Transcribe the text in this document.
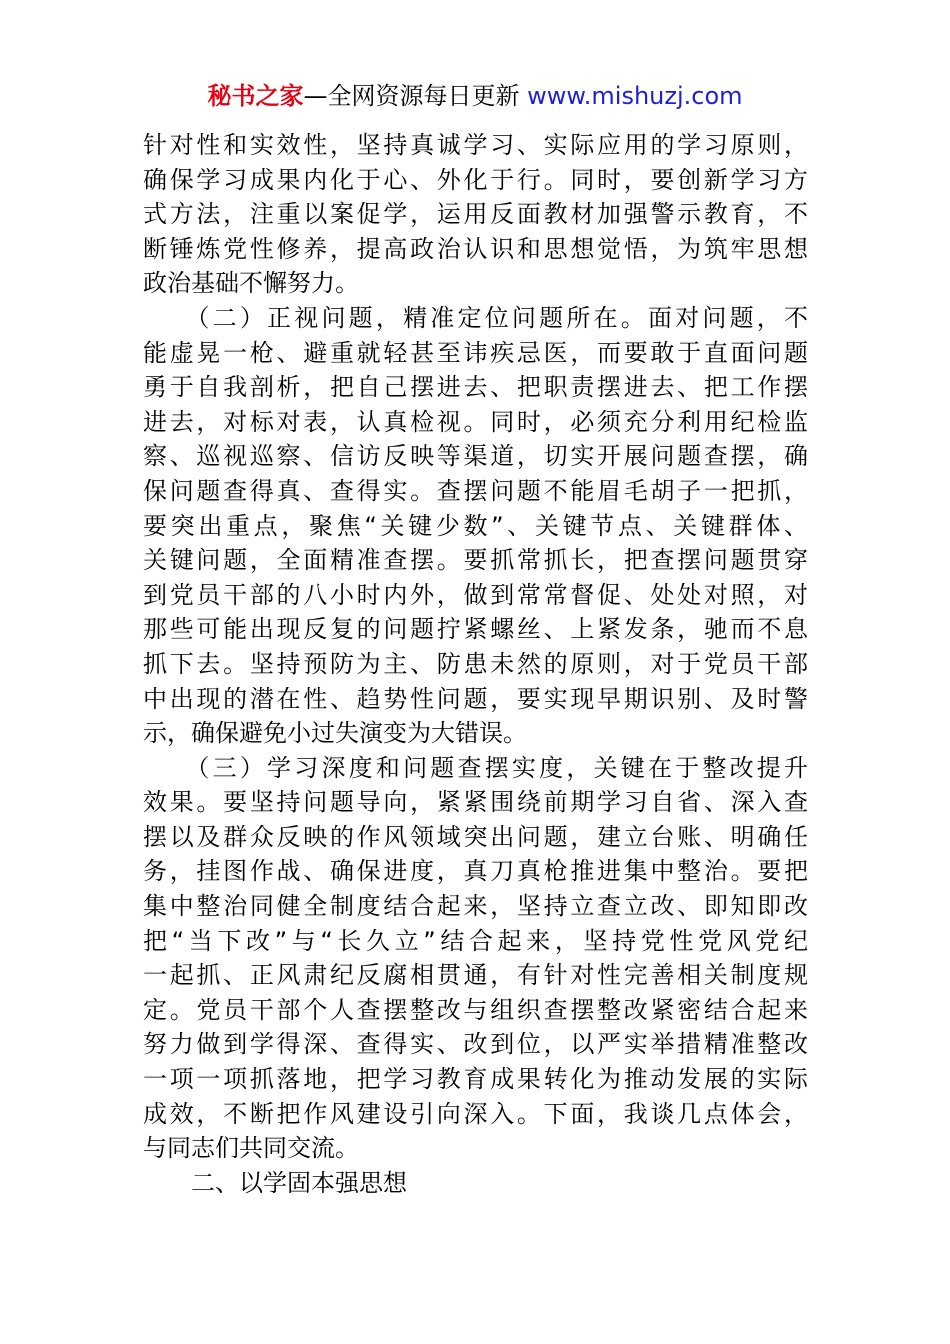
秘书之家—全网资源每日更新 www.mishuzj.com
针对性和实效性，坚持真诚学习、实际应用的学习原则，
确保学习成果内化于心、外化于行。同时，要创新学习方
式方法，注重以案促学，运用反面教材加强警示教育，不
断锤炼党性修养，提高政治认识和思想觉悟，为筑牢思想
政治基础不懈努力。
　　（二）正视问题，精准定位问题所在。面对问题，不
能虚晃一枪、避重就轻甚至讳疾忌医，而要敢于直面问题
勇于自我剖析，把自己摆进去、把职责摆进去、把工作摆
进去，对标对表，认真检视。同时，必须充分利用纪检监
察、巡视巡察、信访反映等渠道，切实开展问题查摆，确
保问题查得真、查得实。查摆问题不能眉毛胡子一把抓，
要突出重点，聚焦“关键少数”、关键节点、关键群体、
关键问题，全面精准查摆。要抓常抓长，把查摆问题贯穿
到党员干部的八小时内外，做到常常督促、处处对照，对
那些可能出现反复的问题拧紧螺丝、上紧发条，驰而不息
抓下去。坚持预防为主、防患未然的原则，对于党员干部
中出现的潜在性、趋势性问题，要实现早期识别、及时警
示，确保避免小过失演变为大错误。
　　（三）学习深度和问题查摆实度，关键在于整改提升
效果。要坚持问题导向，紧紧围绕前期学习自省、深入查
摆以及群众反映的作风领域突出问题，建立台账、明确任
务，挂图作战、确保进度，真刀真枪推进集中整治。要把
集中整治同健全制度结合起来，坚持立查立改、即知即改
把“当下改”与“长久立”结合起来，坚持党性党风党纪
一起抓、正风肃纪反腐相贯通，有针对性完善相关制度规
定。党员干部个人查摆整改与组织查摆整改紧密结合起来
努力做到学得深、查得实、改到位，以严实举措精准整改
一项一项抓落地，把学习教育成果转化为推动发展的实际
成效，不断把作风建设引向深入。下面，我谈几点体会，
与同志们共同交流。
　　二、以学固本强思想
